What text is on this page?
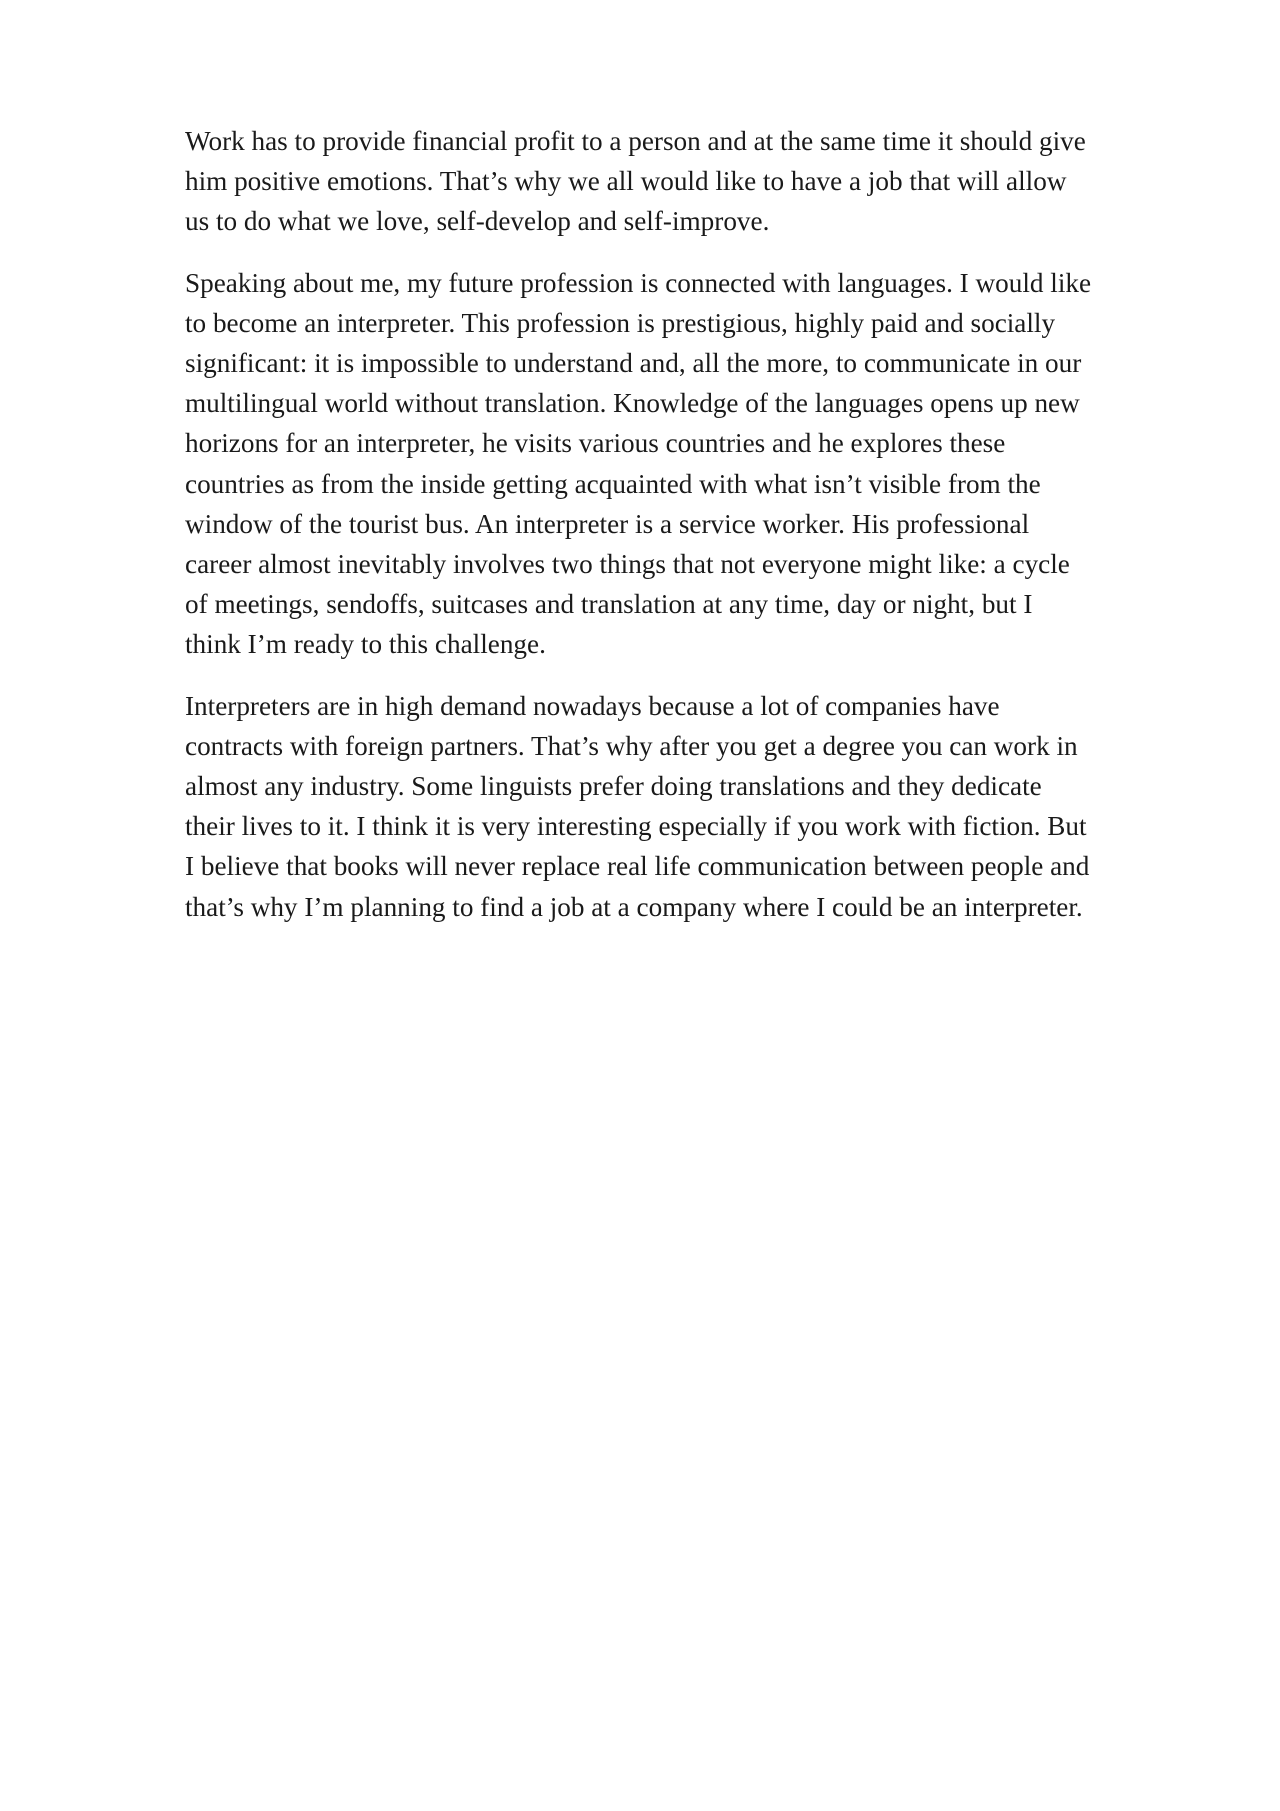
Work has to provide financial profit to a person and at the same time it should give
him positive emotions. That’s why we all would like to have a job that will allow
us to do what we love, self-develop and self-improve.

Speaking about me, my future profession is connected with languages. I would like
to become an interpreter. This profession is prestigious, highly paid and socially
significant: it is impossible to understand and, all the more, to communicate in our
multilingual world without translation. Knowledge of the languages opens up new
horizons for an interpreter, he visits various countries and he explores these
countries as from the inside getting acquainted with what isn’t visible from the
window of the tourist bus. An interpreter is a service worker. His professional
career almost inevitably involves two things that not everyone might like: a cycle
of meetings, sendoffs, suitcases and translation at any time, day or night, but I
think I’m ready to this challenge.

Interpreters are in high demand nowadays because a lot of companies have
contracts with foreign partners. That’s why after you get a degree you can work in
almost any industry. Some linguists prefer doing translations and they dedicate
their lives to it. I think it is very interesting especially if you work with fiction. But
I believe that books will never replace real life communication between people and
that’s why I’m planning to find a job at a company where I could be an interpreter.
